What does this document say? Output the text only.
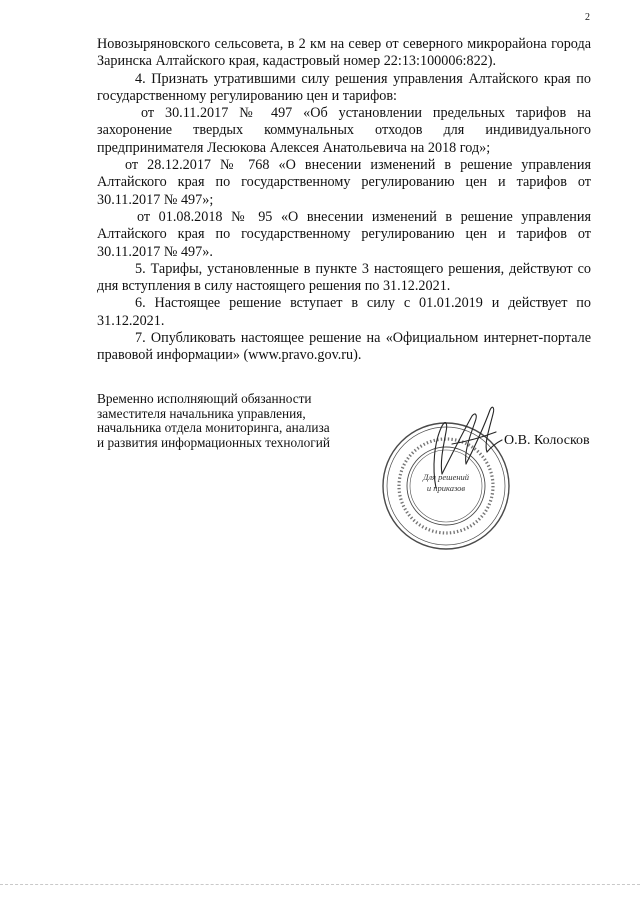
2

Новозыряновского сельсовета, в 2 км на север от северного микрорайона города Заринска Алтайского края, кадастровый номер 22:13:100006:822).

4. Признать утратившими силу решения управления Алтайского края по государственному регулированию цен и тарифов:

от 30.11.2017 № 497 «Об установлении предельных тарифов на захоронение твердых коммунальных отходов для индивидуального предпринимателя Лесюкова Алексея Анатольевича на 2018 год»;

от 28.12.2017 № 768 «О внесении изменений в решение управления Алтайского края по государственному регулированию цен и тарифов от 30.11.2017 № 497»;

от 01.08.2018 № 95 «О внесении изменений в решение управления Алтайского края по государственному регулированию цен и тарифов от 30.11.2017 № 497».

5. Тарифы, установленные в пункте 3 настоящего решения, действуют со дня вступления в силу настоящего решения по 31.12.2021.

6. Настоящее решение вступает в силу с 01.01.2019 и действует по 31.12.2021.

7. Опубликовать настоящее решение на «Официальном интернет-портале правовой информации» (www.pravo.gov.ru).

Временно исполняющий обязанности
заместителя начальника управления,
начальника отдела мониторинга, анализа
и развития информационных технологий
Для решений
и приказов
О.В. Колосков
